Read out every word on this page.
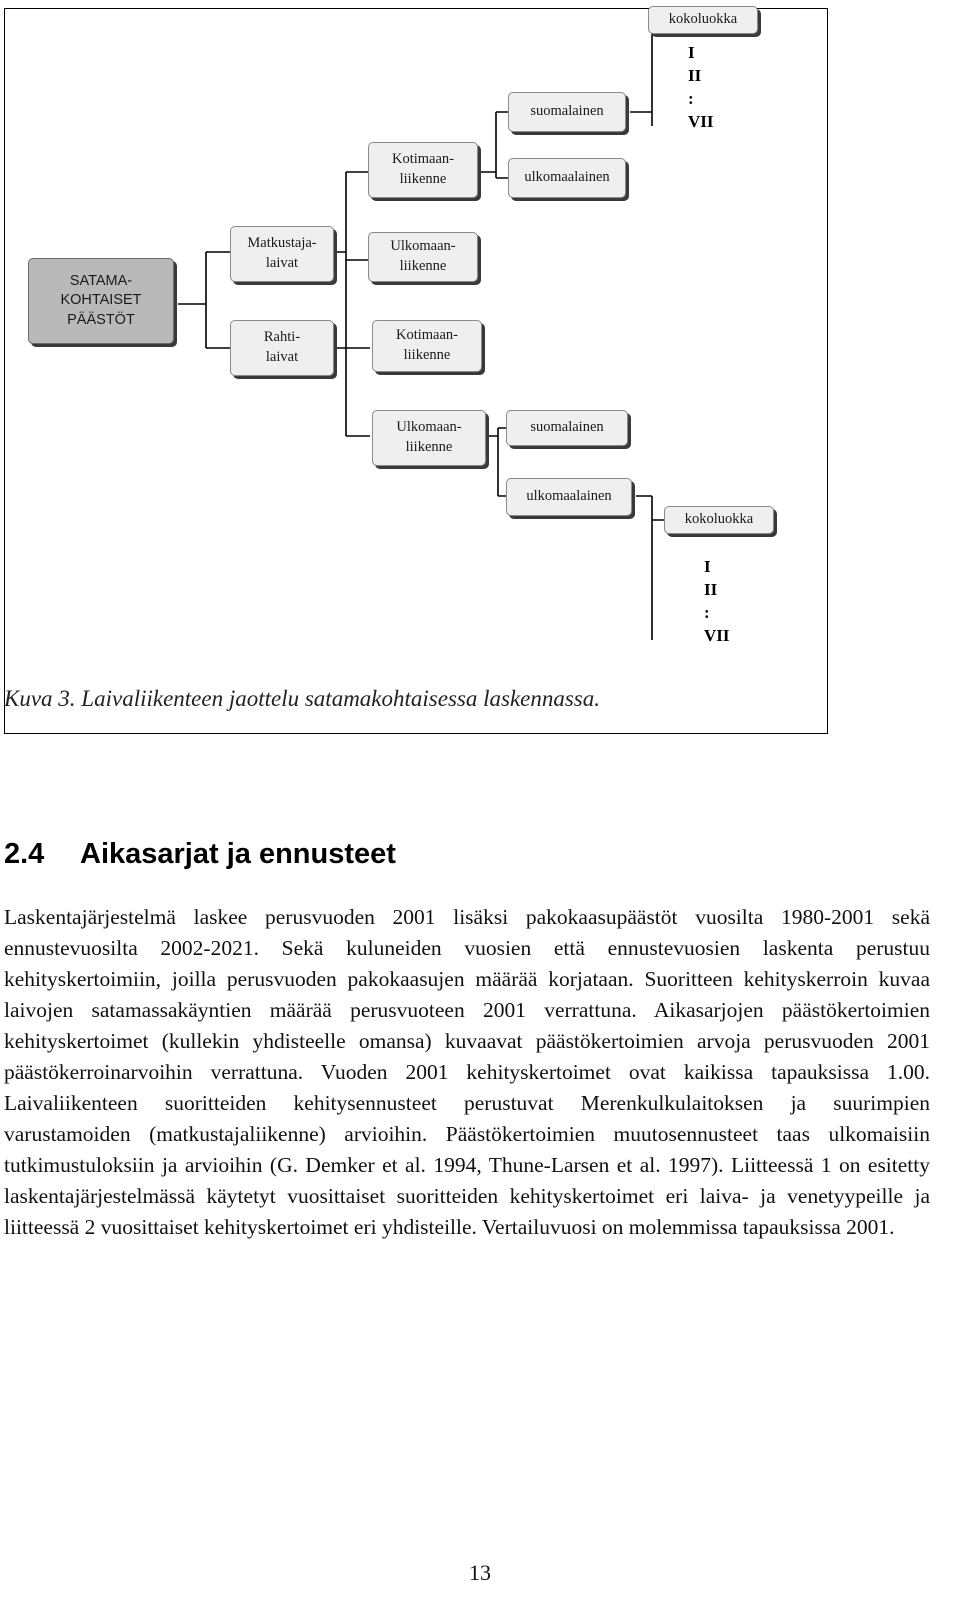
SATAMA-
KOHTAISET
PÄÄSTÖT
Matkustaja-
laivat
Rahti-
laivat
Kotimaan-
liikenne
Ulkomaan-
liikenne
Kotimaan-
liikenne
Ulkomaan-
liikenne
suomalainen
ulkomaalainen
kokoluokka
suomalainen
ulkomaalainen
kokoluokka
I
II
:
VII
I
II
:
VII
Kuva 3. Laivaliikenteen jaottelu satamakohtaisessa laskennassa.
2.4 Aikasarjat ja ennusteet
Laskentajärjestelmä laskee perusvuoden 2001 lisäksi pakokaasupäästöt vuosilta 1980-2001 sekä ennustevuosilta 2002-2021. Sekä kuluneiden vuosien että ennustevuosien laskenta perustuu kehityskertoimiin, joilla perusvuoden pakokaasujen määrää korjataan. Suoritteen kehityskerroin kuvaa laivojen satamassakäyntien määrää perusvuoteen 2001 verrattuna. Aikasarjojen päästökertoimien kehityskertoimet (kullekin yhdisteelle omansa) kuvaavat päästökertoimien arvoja perusvuoden 2001 päästökerroinarvoihin verrattuna. Vuoden 2001 kehityskertoimet ovat kaikissa tapauksissa 1.00. Laivaliikenteen suoritteiden kehitysennusteet perustuvat Merenkulkulaitoksen ja suurimpien varustamoiden (matkustajaliikenne) arvioihin. Päästökertoimien muutosennusteet taas ulkomaisiin tutkimustuloksiin ja arvioihin (G. Demker et al. 1994, Thune-Larsen et al. 1997). Liitteessä 1 on esitetty laskentajärjestelmässä käytetyt vuosittaiset suoritteiden kehityskertoimet eri laiva- ja venetyypeille ja liitteessä 2 vuosittaiset kehityskertoimet eri yhdisteille. Vertailuvuosi on molemmissa tapauksissa 2001.
13
